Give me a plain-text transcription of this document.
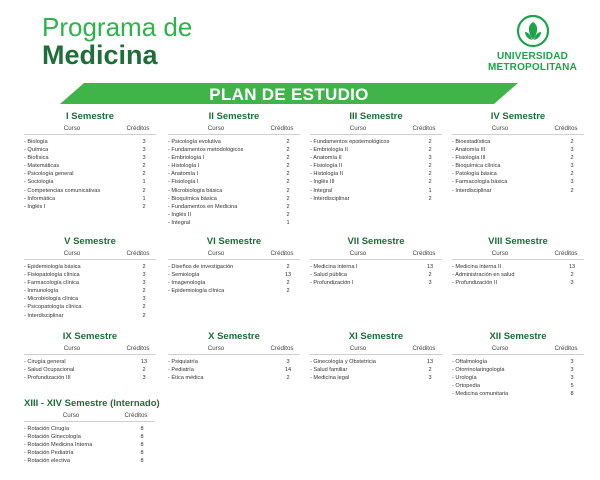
Programa de
Medicina	UNIVERSIDAD
METROPOLITANA
PLAN DE ESTUDIO
I Semestre
Curso	Créditos
- Biología	3
- Química	3
- Biofísica	3
- Matemáticas	2
- Psicología general	2
- Sociología	1
- Competencias comunicativas	2
- Informática	1
- Inglés I	2
II Semestre
Curso	Créditos
- Psicología evolutiva	2
- Fundamentos metodológicos	2
- Embriología I	2
- Histología I	2
- Anatomía I	2
- Fisiología I	2
- Microbiología básica	2
- Bioquímica básica	2
- Fundamentos en Medicina	2
- Inglés II	2
- Integral	1
III Semestre
Curso	Créditos
- Fundamentos epistemológicos	2
- Embriología II	2
- Anatomía II	3
- Fisiología II	2
- Histología II	2
- Inglés III	2
- Integral	1
- Interdisciplinar	2
IV Semestre
Curso	Créditos
- Bioestadística	2
- Anatomía III	3
- Fisiología III	2
- Bioquímica clínica	3
- Patología básica	2
- Farmacología básica	3
- Interdisciplinar	2
V Semestre
Curso	Créditos
- Epidemiología básica	2
- Fisiopatología clínica	3
- Farmacología clínica	3
- Inmunología	2
- Microbiología clínica	3
- Psicopatología clínica	2
- Interdisciplinar	2
VI Semestre
Curso	Créditos
- Diseños de investigación	2
- Semiología	13
- Imagenología	2
- Epidemiología clínica	2
VII Semestre
Curso	Créditos
- Medicina interna I	13
- Salud pública	2
- Profundización I	3
VIII Semestre
Curso	Créditos
- Medicina interna II	13
- Administración en salud	2
- Profundización II	3
IX Semestre
Curso	Créditos
- Cirugía general	13
- Salud Ocupacional	2
- Profundización III	3
X Semestre
Curso	Créditos
- Psiquiatría	3
- Pediatría	14
- Ética médica	2
XI Semestre
Curso	Créditos
- Ginecología y Obstetricia	13
- Salud familiar	2
- Medicina legal	3
XII Semestre
Curso	Créditos
- Oftalmología	3
- Otorrinolaringología	3
- Urología	3
- Ortopedia	5
- Medicina comunitaria	8
XIII - XIV Semestre (Internado)
Curso	Créditos
- Rotación Cirugía	8
- Rotación Ginecología	8
- Rotación Medicina Interna	8
- Rotación Pediatría	8
- Rotación electiva	8
